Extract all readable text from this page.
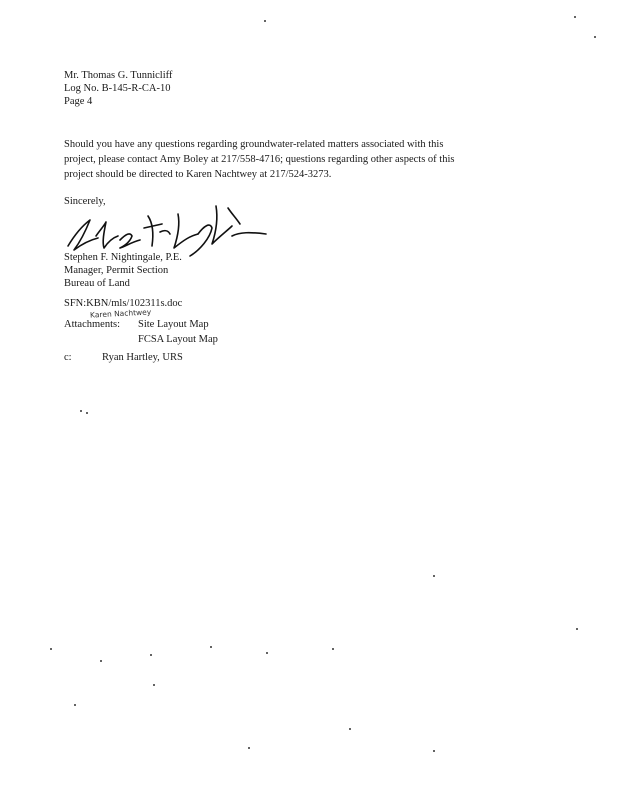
Mr. Thomas G. Tunnicliff
Log No. B-145-R-CA-10
Page 4
Should you have any questions regarding groundwater-related matters associated with this
project, please contact Amy Boley at 217/558-4716; questions regarding other aspects of this
project should be directed to Karen Nachtwey at 217/524-3273.
Sincerely,
Stephen F. Nightingale, P.E.
Manager, Permit Section
Bureau of Land
SFN:KBN/mls/102311s.doc
Karen Nachtwey
Attachments:	Site Layout Map
FCSA Layout Map
c:	Ryan Hartley, URS
